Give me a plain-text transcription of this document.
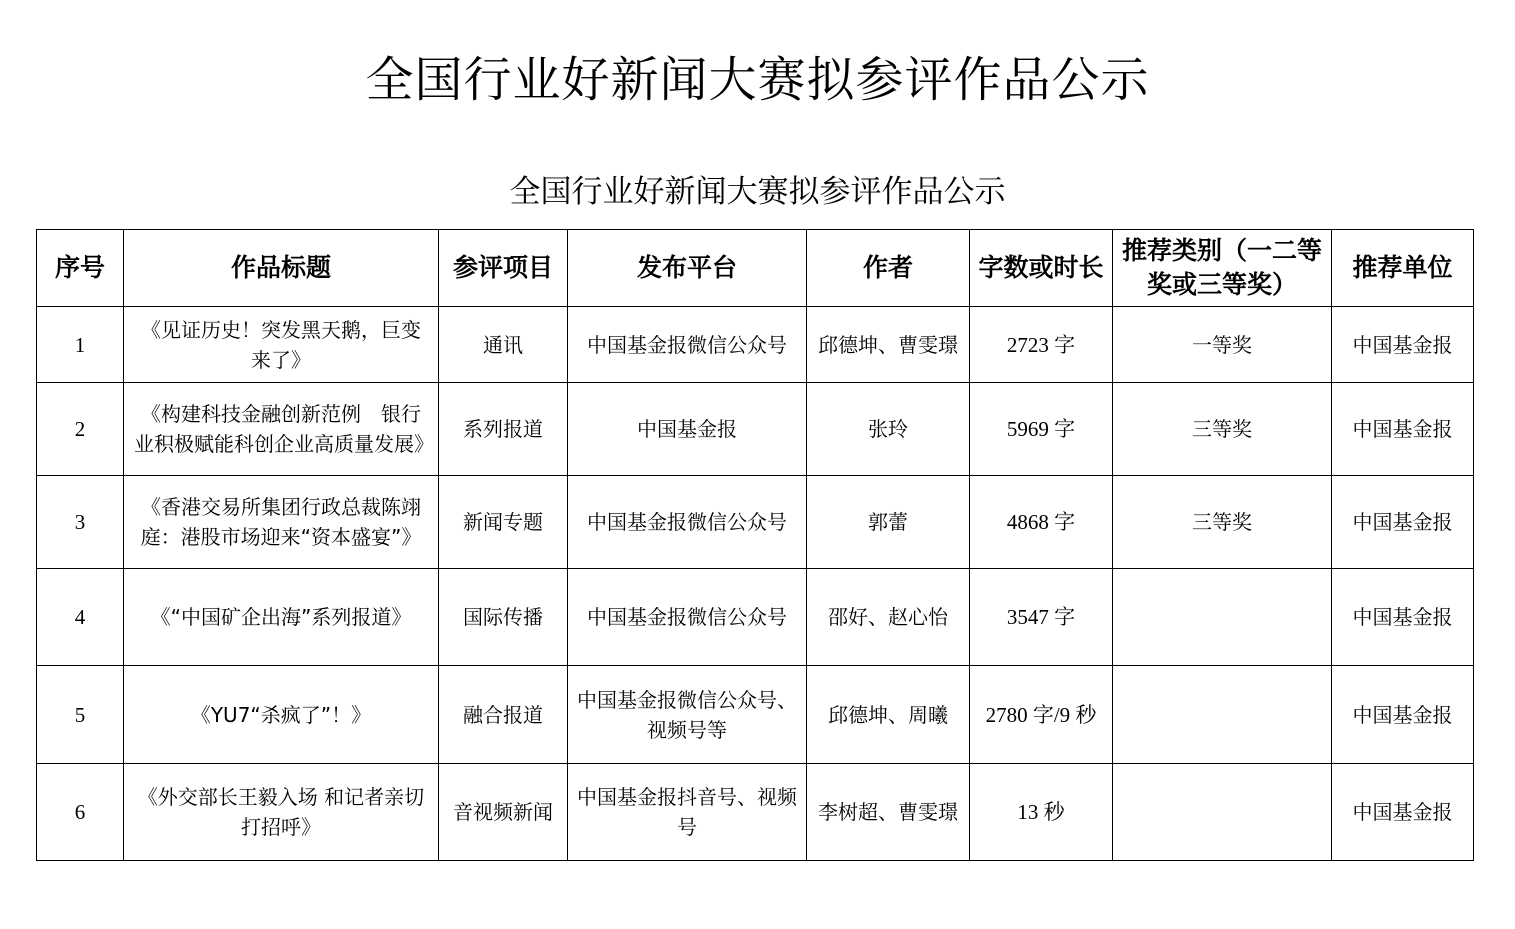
全国行业好新闻大赛拟参评作品公示
全国行业好新闻大赛拟参评作品公示
序号	作品标题	参评项目	发布平台	作者	字数或时长	推荐类别（一二等奖或三等奖）	推荐单位
1	《见证历史！突发黑天鹅，巨变来了》	通讯	中国基金报微信公众号	邱德坤、曹雯璟	2723 字	一等奖	中国基金报
2	《构建科技金融创新范例　银行业积极赋能科创企业高质量发展》	系列报道	中国基金报	张玲	5969 字	三等奖	中国基金报
3	《香港交易所集团行政总裁陈翊庭：港股市场迎来“资本盛宴”》	新闻专题	中国基金报微信公众号	郭蕾	4868 字	三等奖	中国基金报
4	《“中国矿企出海”系列报道》	国际传播	中国基金报微信公众号	邵好、赵心怡	3547 字		中国基金报
5	《YU7“杀疯了”！》	融合报道	中国基金报微信公众号、视频号等	邱德坤、周曦	2780 字/9 秒		中国基金报
6	《外交部长王毅入场 和记者亲切打招呼》	音视频新闻	中国基金报抖音号、视频号	李树超、曹雯璟	13 秒		中国基金报
